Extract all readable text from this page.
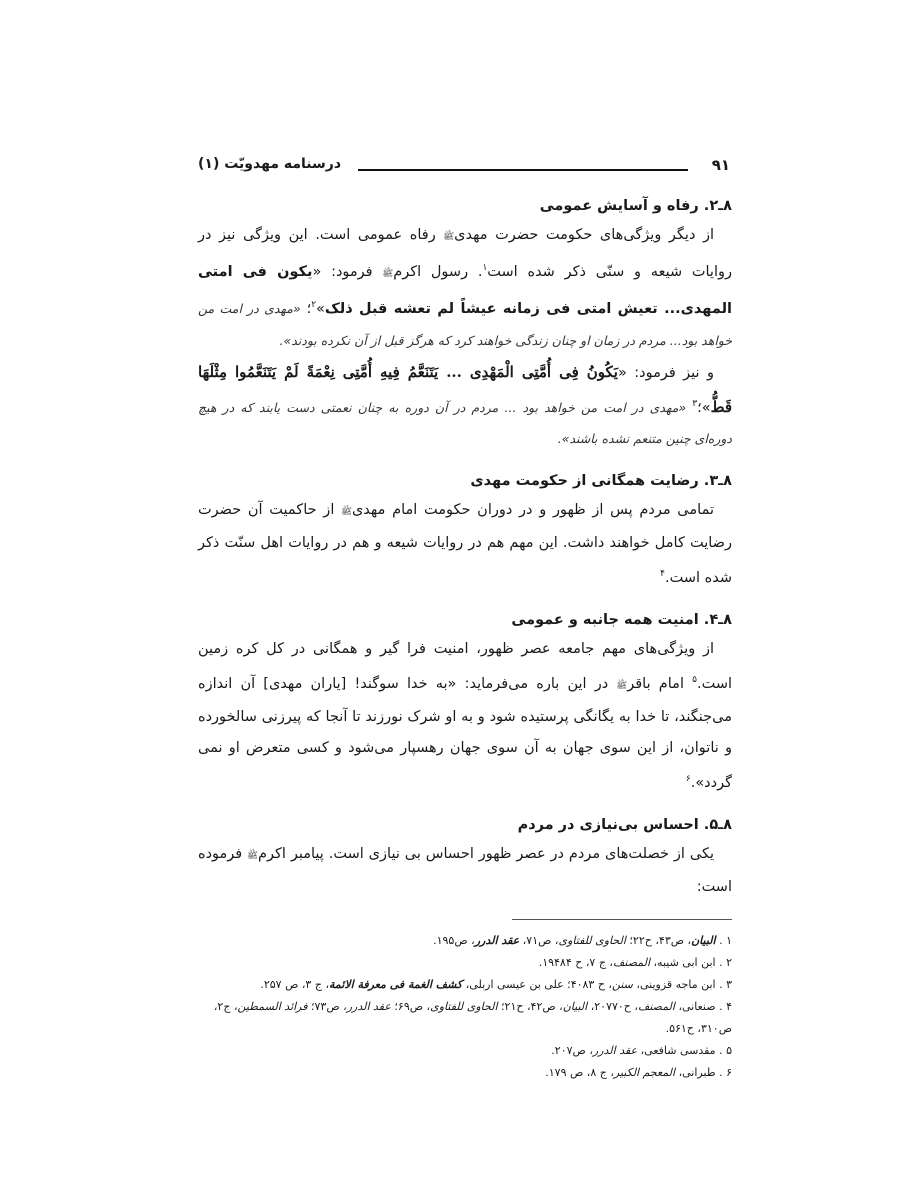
۹۱
درسنامه مهدویّت (۱)
۸ـ۲. رفاه و آسایش عمومی

از دیگر ویژگی‌های حکومت حضرت مهدیﷺ رفاه عمومی است. این ویژگی نیز در روایات شیعه و سنّی ذکر شده است$^۱$. رسول اکرمﷺ فرمود: «یکون فی امتی المهدی... تعیش امتی فی زمانه عیشاً لم تعشه قبل ذلک»$^۲$؛ «مهدی در امت من خواهد بود... مردم در زمان او چنان زندگی خواهند کرد که هرگز قبل از آن نکرده بودند».

و نیز فرمود: «یَکُونُ فِی أُمَّتِی الْمَهْدِی ... یَتَنَعَّمُ فِیهِ أُمَّتِی نِعْمَةً لَمْ یَتَنَعَّمُوا مِثْلَهَا قَطُّ»؛$^۳$ «مهدی در امت من خواهد بود ... مردم در آن دوره به چنان نعمتی دست یابند که در هیچ دوره‌ای چنین متنعم نشده باشند».

۸ـ۳. رضایت همگانی از حکومت مهدی

تمامی مردم پس از ظهور و در دوران حکومت امام مهدیﷺ از حاکمیت آن حضرت رضایت کامل خواهند داشت. این مهم هم در روایات شیعه و هم در روایات اهل سنّت ذکر شده است.$^۴$

۸ـ۴. امنیت همه جانبه و عمومی

از ویژگی‌های مهم جامعه عصر ظهور، امنیت فرا گیر و همگانی در کل کره زمین است.$^۵$ امام باقرﷺ در این باره می‌فرماید: «به خدا سوگند! [یاران مهدی] آن اندازه می‌جنگند، تا خدا به یگانگی پرستیده شود و به او شرک نورزند تا آنجا که پیرزنی سالخورده و ناتوان، از این سوی جهان به آن سوی جهان رهسپار می‌شود و کسی متعرض او نمی گردد».$^۶$

۸ـ۵. احساس بی‌نیازی در مردم

یکی از خصلت‌های مردم در عصر ظهور احساس بی نیازی است. پیامبر اکرمﷺ فرموده است:

۱ . البیان، ص۴۳، ح۲۲؛ الحاوی للفتاوی، ص۷۱، عقد الدرر، ص۱۹۵.
۲ . ابن ابی شیبه، المصنف، ج ۷، ح ۱۹۴۸۴.
۳ . ابن ماجه قزوینی، سنن، ح ۴۰۸۳؛ علی بن عیسی اربلی، کشف الغمة فی معرفة الائمة، ج ۳، ص ۲۵۷.
۴ . صنعانی، المصنف، ح۲۰۷۷۰، البیان، ص۴۲، ح۲۱؛ الحاوی للفتاوی، ص۶۹؛ عقد الدرر، ص۷۳؛ فرائد السمطین، ج۲، ص۳۱۰، ح۵۶۱.
۵ . مقدسی شافعی، عقد الدرر، ص۲۰۷.
۶ . طبرانی، المعجم الکبیر، ج ۸، ص ۱۷۹.
